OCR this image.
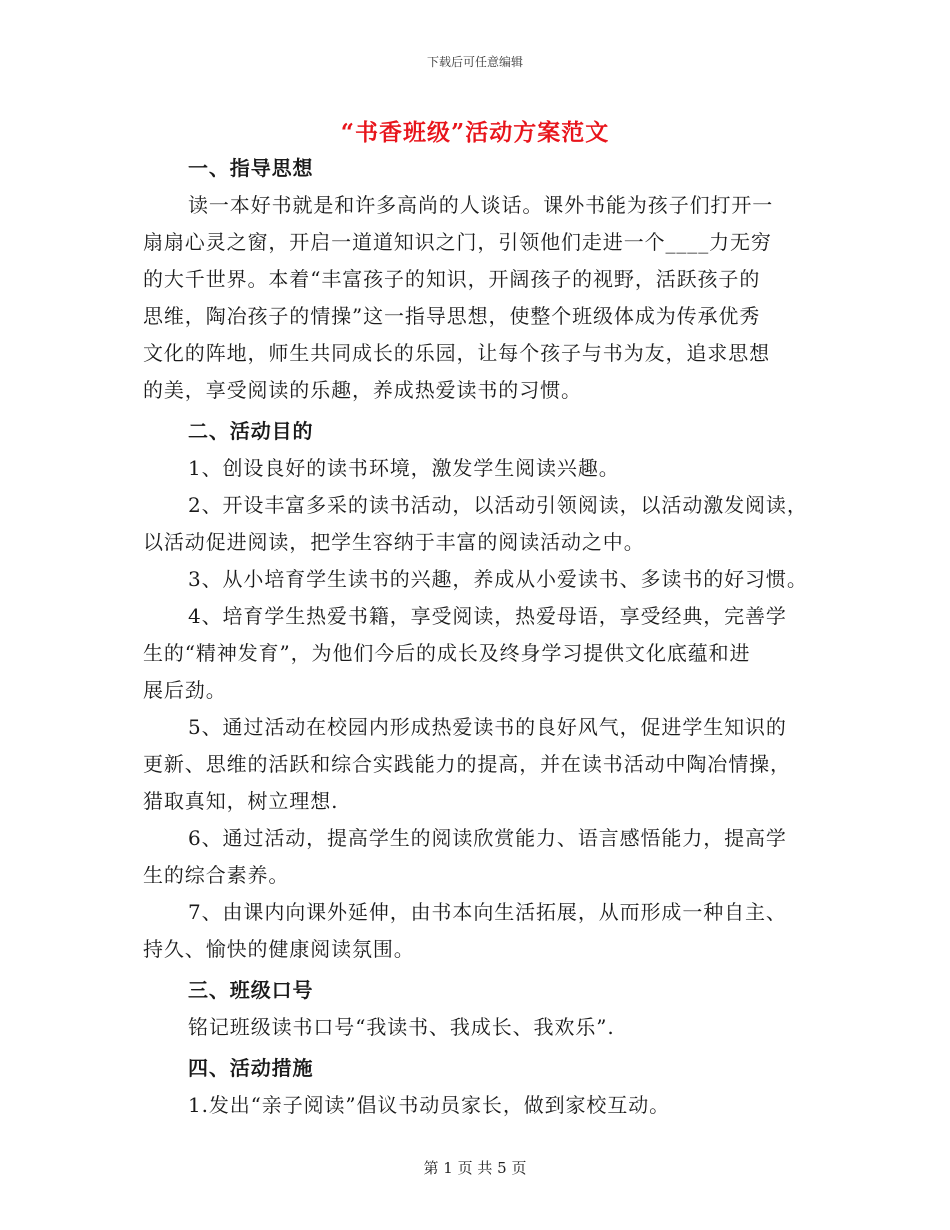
下载后可任意编辑
“书香班级”活动方案范文
一、指导思想
读一本好书就是和许多高尚的人谈话。课外书能为孩子们打开一
扇扇心灵之窗，开启一道道知识之门，引领他们走进一个____力无穷
的大千世界。本着“丰富孩子的知识，开阔孩子的视野，活跃孩子的
思维，陶冶孩子的情操”这一指导思想，使整个班级体成为传承优秀
文化的阵地，师生共同成长的乐园，让每个孩子与书为友，追求思想
的美，享受阅读的乐趣，养成热爱读书的习惯。
二、活动目的
1、创设良好的读书环境，激发学生阅读兴趣。
2、开设丰富多采的读书活动，以活动引领阅读，以活动激发阅读，
以活动促进阅读，把学生容纳于丰富的阅读活动之中。
3、从小培育学生读书的兴趣，养成从小爱读书、多读书的好习惯。
4、培育学生热爱书籍，享受阅读，热爱母语，享受经典，完善学
生的“精神发育”，为他们今后的成长及终身学习提供文化底蕴和进
展后劲。
5、通过活动在校园内形成热爱读书的良好风气，促进学生知识的
更新、思维的活跃和综合实践能力的提高，并在读书活动中陶冶情操，
猎取真知，树立理想.
6、通过活动，提高学生的阅读欣赏能力、语言感悟能力，提高学
生的综合素养。
7、由课内向课外延伸，由书本向生活拓展，从而形成一种自主、
持久、愉快的健康阅读氛围。
三、班级口号
铭记班级读书口号“我读书、我成长、我欢乐”.
四、活动措施
1.发出“亲子阅读”倡议书动员家长，做到家校互动。
第 1 页 共 5 页
